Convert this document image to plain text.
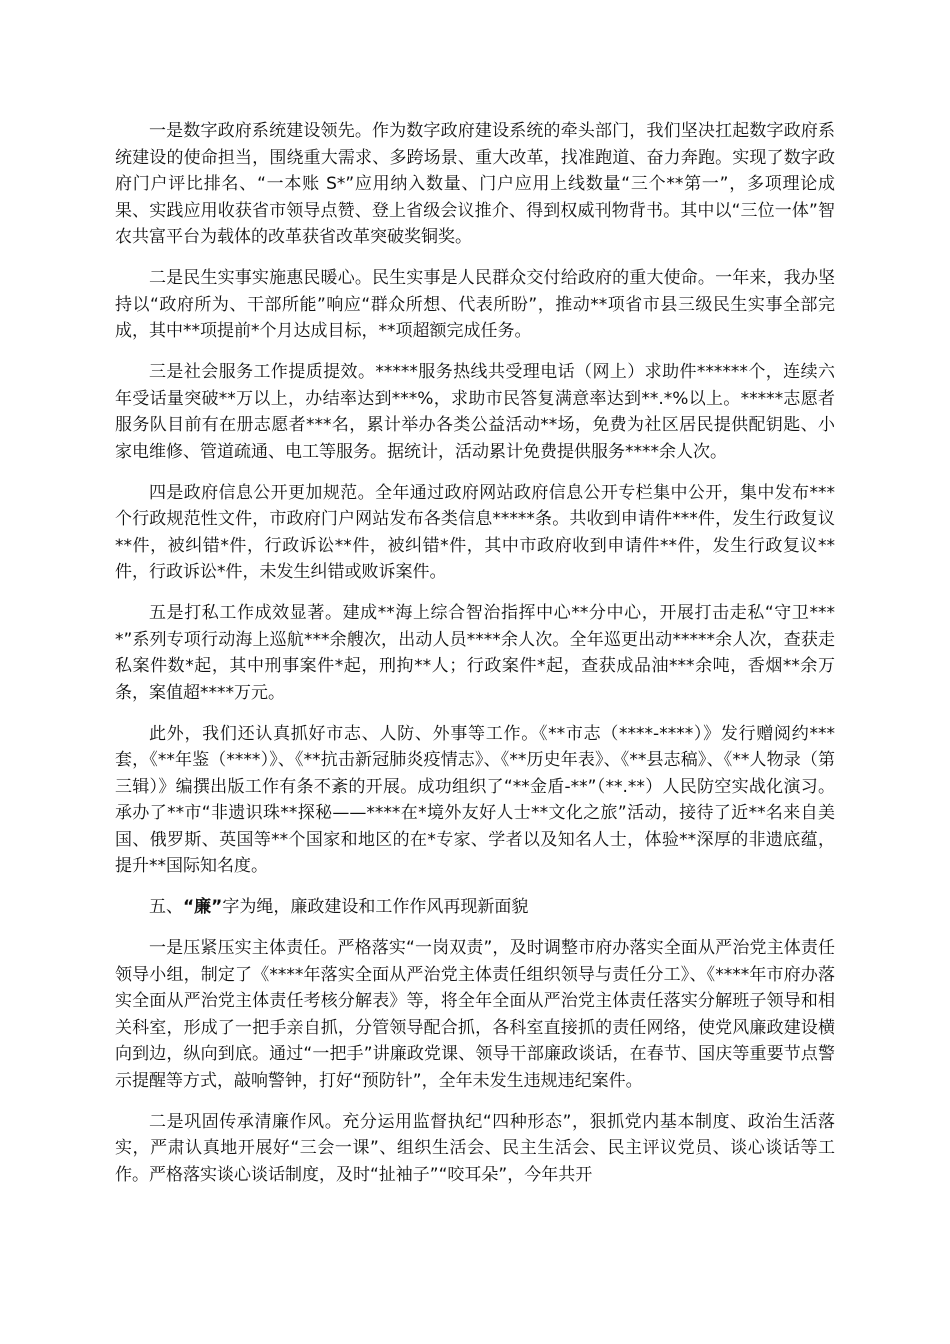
一是数字政府系统建设领先。作为数字政府建设系统的牵头部门，我们坚决扛起数字政府系统建设的使命担当，围绕重大需求、多跨场景、重大改革，找准跑道、奋力奔跑。实现了数字政府门户评比排名、“一本账 S*”应用纳入数量、门户应用上线数量“三个**第一”，多项理论成果、实践应用收获省市领导点赞、登上省级会议推介、得到权威刊物背书。其中以“三位一体”智农共富平台为载体的改革获省改革突破奖铜奖。

二是民生实事实施惠民暖心。民生实事是人民群众交付给政府的重大使命。一年来，我办坚持以“政府所为、干部所能”响应“群众所想、代表所盼”，推动**项省市县三级民生实事全部完成，其中**项提前*个月达成目标，**项超额完成任务。

三是社会服务工作提质提效。*****服务热线共受理电话（网上）求助件******个，连续六年受话量突破**万以上，办结率达到***%，求助市民答复满意率达到**.*%以上。*****志愿者服务队目前有在册志愿者***名，累计举办各类公益活动**场，免费为社区居民提供配钥匙、小家电维修、管道疏通、电工等服务。据统计，活动累计免费提供服务****余人次。

四是政府信息公开更加规范。全年通过政府网站政府信息公开专栏集中公开，集中发布***个行政规范性文件，市政府门户网站发布各类信息*****条。共收到申请件***件，发生行政复议**件，被纠错*件，行政诉讼**件，被纠错*件，其中市政府收到申请件**件，发生行政复议**件，行政诉讼*件，未发生纠错或败诉案件。

五是打私工作成效显著。建成**海上综合智治指挥中心**分中心，开展打击走私“守卫****”系列专项行动海上巡航***余艘次，出动人员****余人次。全年巡更出动*****余人次，查获走私案件数*起，其中刑事案件*起，刑拘**人；行政案件*起，查获成品油***余吨，香烟**余万条，案值超****万元。

此外，我们还认真抓好市志、人防、外事等工作。《**市志（****-****）》发行赠阅约***套，《**年鉴（****）》、《**抗击新冠肺炎疫情志》、《**历史年表》、《**县志稿》、《**人物录（第三辑）》编撰出版工作有条不紊的开展。成功组织了“**金盾-**”（**.**）人民防空实战化演习。承办了**市“非遗识珠**探秘——****在*境外友好人士**文化之旅”活动，接待了近**名来自美国、俄罗斯、英国等**个国家和地区的在*专家、学者以及知名人士，体验**深厚的非遗底蕴，提升**国际知名度。

五、“廉”字为绳，廉政建设和工作作风再现新面貌

一是压紧压实主体责任。严格落实“一岗双责”，及时调整市府办落实全面从严治党主体责任领导小组，制定了《****年落实全面从严治党主体责任组织领导与责任分工》、《****年市府办落实全面从严治党主体责任考核分解表》等，将全年全面从严治党主体责任落实分解班子领导和相关科室，形成了一把手亲自抓，分管领导配合抓，各科室直接抓的责任网络，使党风廉政建设横向到边，纵向到底。通过“一把手”讲廉政党课、领导干部廉政谈话，在春节、国庆等重要节点警示提醒等方式，敲响警钟，打好“预防针”，全年未发生违规违纪案件。

二是巩固传承清廉作风。充分运用监督执纪“四种形态”，狠抓党内基本制度、政治生活落实，严肃认真地开展好“三会一课”、组织生活会、民主生活会、民主评议党员、谈心谈话等工作。严格落实谈心谈话制度，及时“扯袖子”“咬耳朵”，今年共开
